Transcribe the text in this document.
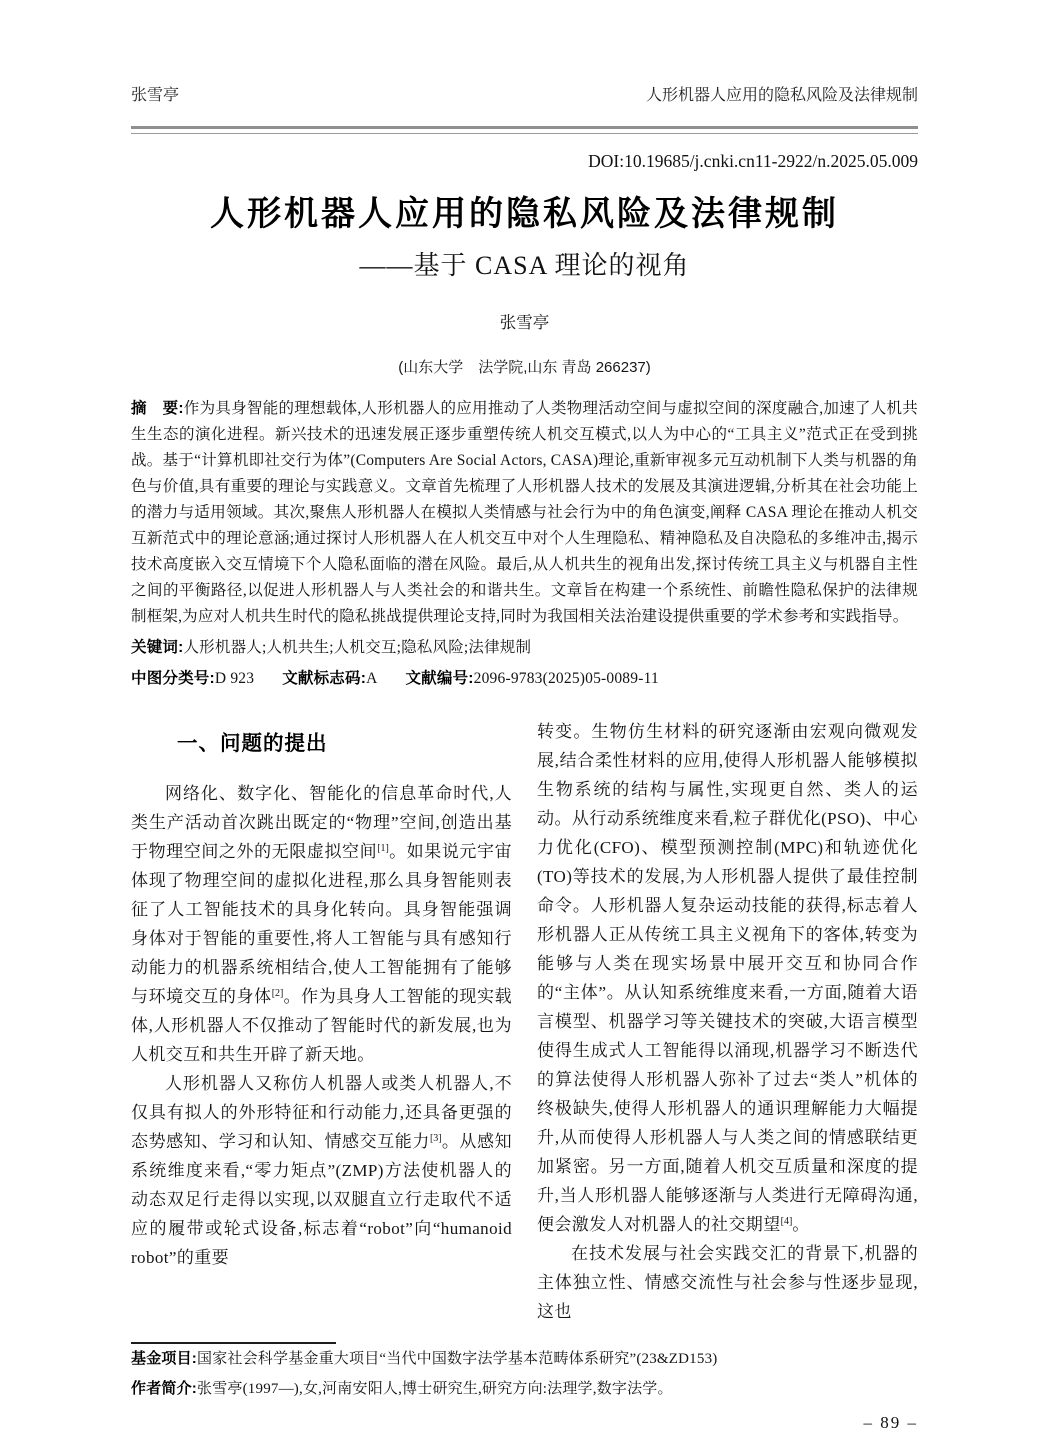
张雪亭	人形机器人应用的隐私风险及法律规制
DOI:10.19685/j.cnki.cn11-2922/n.2025.05.009
人形机器人应用的隐私风险及法律规制
——基于 CASA 理论的视角
张雪亭
(山东大学　法学院,山东 青岛 266237)

摘　要:作为具身智能的理想载体,人形机器人的应用推动了人类物理活动空间与虚拟空间的深度融合,加速了人机共生生态的演化进程。新兴技术的迅速发展正逐步重塑传统人机交互模式,以人为中心的“工具主义”范式正在受到挑战。基于“计算机即社交行为体”(Computers Are Social Actors, CASA)理论,重新审视多元互动机制下人类与机器的角色与价值,具有重要的理论与实践意义。文章首先梳理了人形机器人技术的发展及其演进逻辑,分析其在社会功能上的潜力与适用领域。其次,聚焦人形机器人在模拟人类情感与社会行为中的角色演变,阐释 CASA 理论在推动人机交互新范式中的理论意涵;通过探讨人形机器人在人机交互中对个人生理隐私、精神隐私及自决隐私的多维冲击,揭示技术高度嵌入交互情境下个人隐私面临的潜在风险。最后,从人机共生的视角出发,探讨传统工具主义与机器自主性之间的平衡路径,以促进人形机器人与人类社会的和谐共生。文章旨在构建一个系统性、前瞻性隐私保护的法律规制框架,为应对人机共生时代的隐私挑战提供理论支持,同时为我国相关法治建设提供重要的学术参考和实践指导。

关键词:人形机器人;人机共生;人机交互;隐私风险;法律规制

中图分类号:D 923 文献标志码:A 文献编号:2096-9783(2025)05-0089-11

一、问题的提出

网络化、数字化、智能化的信息革命时代,人类生产活动首次跳出既定的“物理”空间,创造出基于物理空间之外的无限虚拟空间[1]。如果说元宇宙体现了物理空间的虚拟化进程,那么具身智能则表征了人工智能技术的具身化转向。具身智能强调身体对于智能的重要性,将人工智能与具有感知行动能力的机器系统相结合,使人工智能拥有了能够与环境交互的身体[2]。作为具身人工智能的现实载体,人形机器人不仅推动了智能时代的新发展,也为人机交互和共生开辟了新天地。

人形机器人又称仿人机器人或类人机器人,不仅具有拟人的外形特征和行动能力,还具备更强的态势感知、学习和认知、情感交互能力[3]。从感知系统维度来看,“零力矩点”(ZMP)方法使机器人的动态双足行走得以实现,以双腿直立行走取代不适应的履带或轮式设备,标志着“robot”向“humanoid robot”的重要

转变。生物仿生材料的研究逐渐由宏观向微观发展,结合柔性材料的应用,使得人形机器人能够模拟生物系统的结构与属性,实现更自然、类人的运动。从行动系统维度来看,粒子群优化(PSO)、中心力优化(CFO)、模型预测控制(MPC)和轨迹优化(TO)等技术的发展,为人形机器人提供了最佳控制命令。人形机器人复杂运动技能的获得,标志着人形机器人正从传统工具主义视角下的客体,转变为能够与人类在现实场景中展开交互和协同合作的“主体”。从认知系统维度来看,一方面,随着大语言模型、机器学习等关键技术的突破,大语言模型使得生成式人工智能得以涌现,机器学习不断迭代的算法使得人形机器人弥补了过去“类人”机体的终极缺失,使得人形机器人的通识理解能力大幅提升,从而使得人形机器人与人类之间的情感联结更加紧密。另一方面,随着人机交互质量和深度的提升,当人形机器人能够逐渐与人类进行无障碍沟通,便会激发人对机器人的社交期望[4]。

在技术发展与社会实践交汇的背景下,机器的主体独立性、情感交流性与社会参与性逐步显现,这也

基金项目:国家社会科学基金重大项目“当代中国数字法学基本范畴体系研究”(23&ZD153)

作者简介:张雪亭(1997—),女,河南安阳人,博士研究生,研究方向:法理学,数字法学。

– 89 –
